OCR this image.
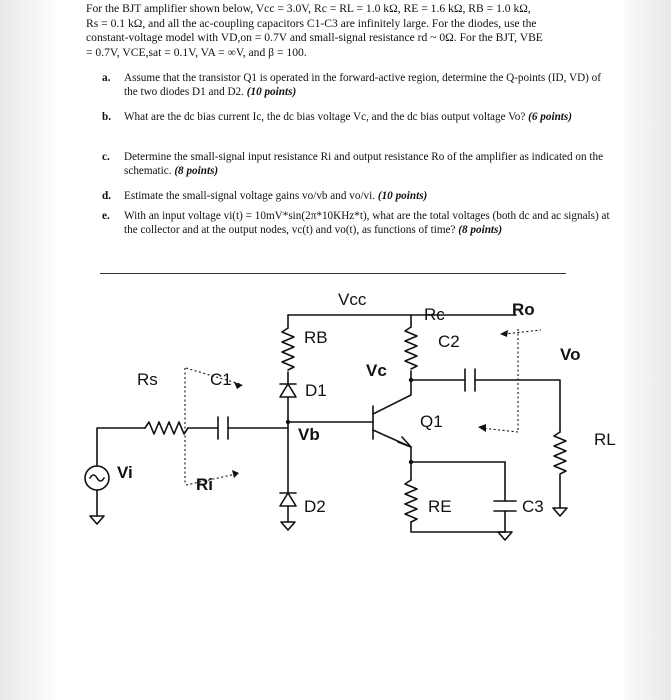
For the BJT amplifier shown below, Vcc = 3.0V, Rc = RL = 1.0 kΩ, RE = 1.6 kΩ, RB = 1.0 kΩ,
Rs = 0.1 kΩ, and all the ac-coupling capacitors C1-C3 are infinitely large. For the diodes, use the
constant-voltage model with VD,on = 0.7V and small-signal resistance rd ~ 0Ω. For the BJT, VBE
= 0.7V, VCE,sat = 0.1V, VA = ∞V, and β = 100.
a. Assume that the transistor Q1 is operated in the forward-active region, determine the Q-points (ID, VD) of the two diodes D1 and D2. (10 points)
b. What are the dc bias current Ic, the dc bias voltage Vc, and the dc bias output voltage Vo? (6 points)
c. Determine the small-signal input resistance Ri and output resistance Ro of the amplifier as indicated on the schematic. (8 points)
d. Estimate the small-signal voltage gains vo/vb and vo/vi. (10 points)
e. With an input voltage vi(t) = 10mV*sin(2π*10KHz*t), what are the total voltages (both dc and ac signals) at the collector and at the output nodes, vc(t) and vo(t), as functions of time? (8 points)
Vcc
RB
Rc	Ro
C2
Vo
Rs	C1
D1
Vc
Vb
Q1
RL
Vi
Ri
D2	RE	C3
